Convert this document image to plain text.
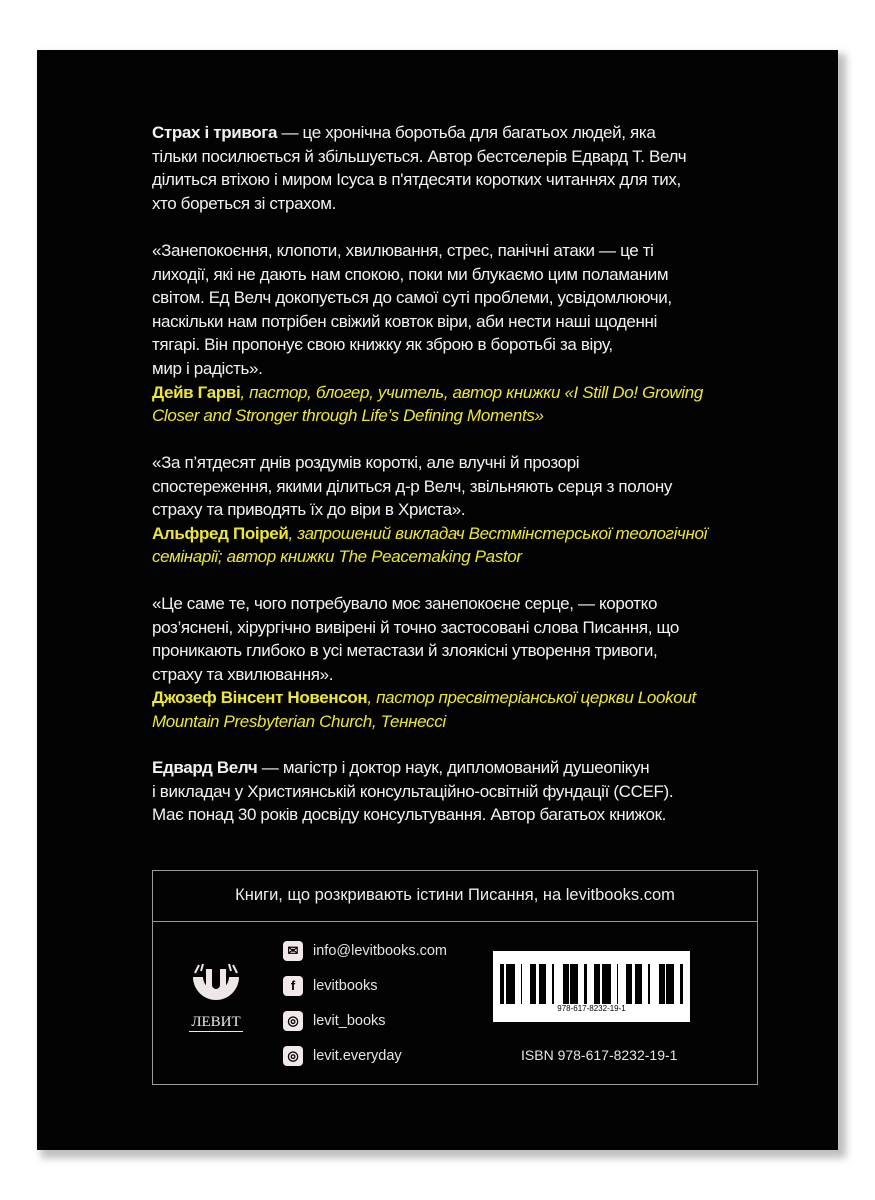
Страх і тривога — це хронічна боротьба для багатьох людей, яка
тільки посилюється й збільшується. Автор бестселерів Едвард Т. Велч
ділиться втіхою і миром Ісуса в п'ятдесяти коротких читаннях для тих,
хто бореться зі страхом.
«Занепокоєння, клопоти, хвилювання, стрес, панічні атаки — це ті
лиходії, які не дають нам спокою, поки ми блукаємо цим поламаним
світом. Ед Велч докопується до самої суті проблеми, усвідомлюючи,
наскільки нам потрібен свіжий ковток віри, аби нести наші щоденні
тягарі. Він пропонує свою книжку як зброю в боротьбі за віру,
мир і радість».
Дейв Гарві, пастор, блогер, учитель, автор книжки «I Still Do! Growing
Closer and Stronger through Life’s Defining Moments»
«За п’ятдесят днів роздумів короткі, але влучні й прозорі
спостереження, якими ділиться д-р Велч, звільняють серця з полону
страху та приводять їх до віри в Христа».
Альфред Поірей, запрошений викладач Вестмінстерської теологічної
семінарії; автор книжки The Peacemaking Pastor
«Це саме те, чого потребувало моє занепокоєне серце, — коротко
роз’яснені, хірургічно вивірені й точно застосовані слова Писання, що
проникають глибоко в усі метастази й злоякісні утворення тривоги,
страху та хвилювання».
Джозеф Вінсент Новенсон, пастор пресвітеріанської церкви Lookout
Mountain Presbyterian Church, Теннессі
Едвард Велч — магістр і доктор наук, дипломований душеопікун
і викладач у Християнській консультаційно-освітній фундації (CCEF).
Має понад 30 років досвіду консультування. Автор багатьох книжок.
Книги, що розкривають істини Писання, на levitbooks.com
ЛЕВИТ
✉	info@levitbooks.com
f	levitbooks
◎ levit_books
◎ levit.everyday
978-617-8232-19-1
ISBN 978-617-8232-19-1
